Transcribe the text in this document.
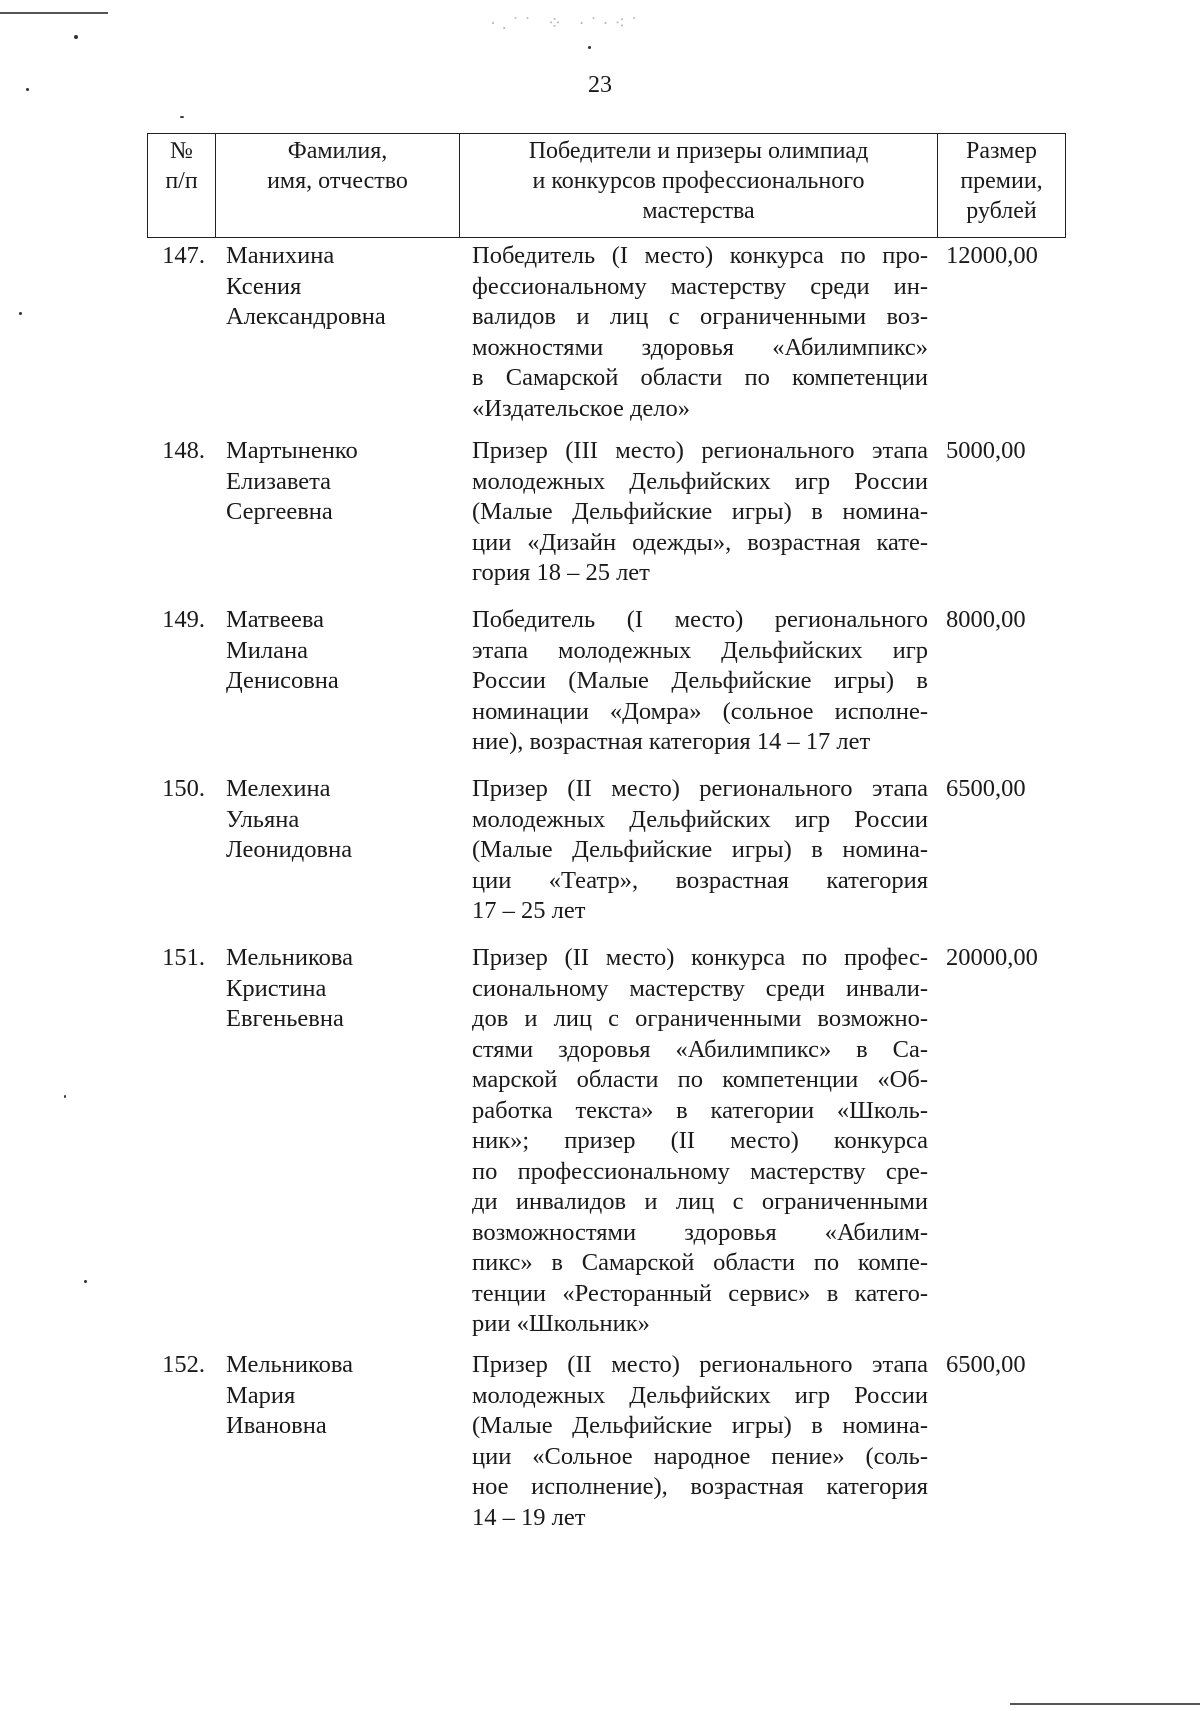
·.˙˙ ⁘ ·˙·⁖˙
23
№
п/п
Фамилия,
имя, отчество
Победители и призеры олимпиад
и конкурсов профессионального
мастерства
Размер
премии,
рублей
147. Манихина
Ксения
Александровна
Победитель (I место) конкурса по про-
фессиональному мастерству среди ин-
валидов и лиц с ограниченными воз-
можностями здоровья «Абилимпикс»
в Самарской области по компетенции
«Издательское дело»
12000,00
148. Мартыненко
Елизавета
Сергеевна
Призер (III место) регионального этапа
молодежных Дельфийских игр России
(Малые Дельфийские игры) в номина-
ции «Дизайн одежды», возрастная кате-
гория 18 – 25 лет
5000,00
149. Матвеева
Милана
Денисовна
Победитель (I место) регионального
этапа молодежных Дельфийских игр
России (Малые Дельфийские игры) в
номинации «Домра» (сольное исполне-
ние), возрастная категория 14 – 17 лет
8000,00
150. Мелехина
Ульяна
Леонидовна
Призер (II место) регионального этапа
молодежных Дельфийских игр России
(Малые Дельфийские игры) в номина-
ции «Театр», возрастная категория
17 – 25 лет
6500,00
151. Мельникова
Кристина
Евгеньевна
Призер (II место) конкурса по профес-
сиональному мастерству среди инвали-
дов и лиц с ограниченными возможно-
стями здоровья «Абилимпикс» в Са-
марской области по компетенции «Об-
работка текста» в категории «Школь-
ник»; призер (II место) конкурса
по профессиональному мастерству сре-
ди инвалидов и лиц с ограниченными
возможностями здоровья «Абилим-
пикс» в Самарской области по компе-
тенции «Ресторанный сервис» в катего-
рии «Школьник»
20000,00
152. Мельникова
Мария
Ивановна
Призер (II место) регионального этапа
молодежных Дельфийских игр России
(Малые Дельфийские игры) в номина-
ции «Сольное народное пение» (соль-
ное исполнение), возрастная категория
14 – 19 лет
6500,00
